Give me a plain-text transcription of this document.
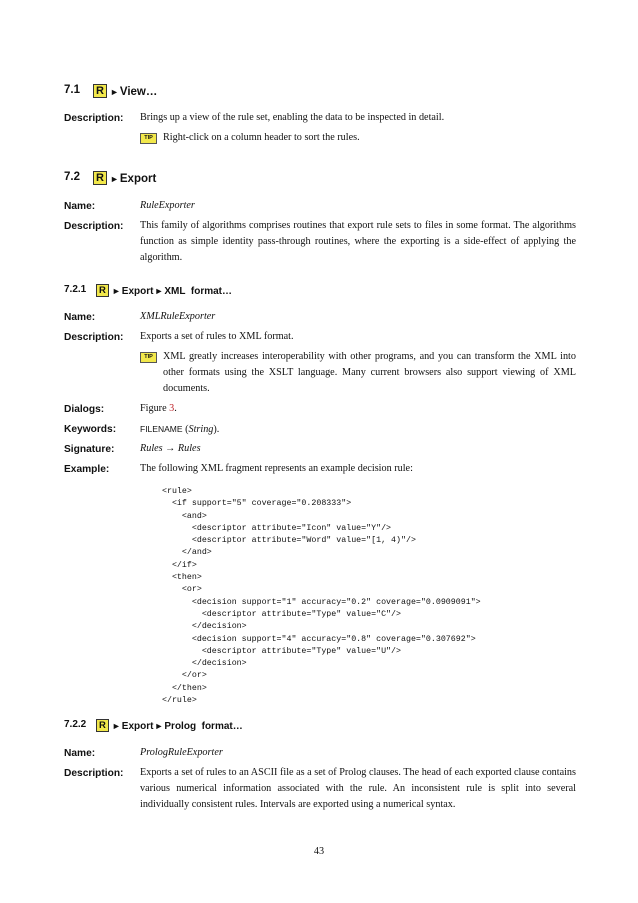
7.1 R ►View…
Description: Brings up a view of the rule set, enabling the data to be inspected in detail.
TIP	Right-click on a column header to sort the rules.
7.2 R ►Export
Name:	RuleExporter
Description: This family of algorithms comprises routines that export rule sets to files in some format. The algorithms function as simple identity pass-through routines, where the exporting is a side-effect of applying the algorithm.
7.2.1	R ►Export►XML  format…
Name:	XMLRuleExporter
Description: Exports a set of rules to XML format.
TIP	XML greatly increases interoperability with other programs, and you can transform the XML into other formats using the XSLT language. Many current browsers also support viewing of XML documents.
Dialogs:	Figure 3.
Keywords:	FILENAME (String).
Signature:	Rules → Rules
Example:	The following XML fragment represents an example decision rule:
<rule>
<if support="5" coverage="0.208333">
<and>
<descriptor attribute="Icon" value="Y"/>
<descriptor attribute="Word" value="[1, 4)"/>
</and>
</if>
<then>
<or>
<decision support="1" accuracy="0.2" coverage="0.0909091">
<descriptor attribute="Type" value="C"/>
</decision>
<decision support="4" accuracy="0.8" coverage="0.307692">
<descriptor attribute="Type" value="U"/>
</decision>
</or>
</then>
</rule>
7.2.2	R ►Export►Prolog  format…
Name:	PrologRuleExporter
Description: Exports a set of rules to an ASCII file as a set of Prolog clauses. The head of each exported clause contains various numerical information associated with the rule. An inconsistent rule is split into several individually consistent rules. Intervals are exported using a numerical syntax.
43
